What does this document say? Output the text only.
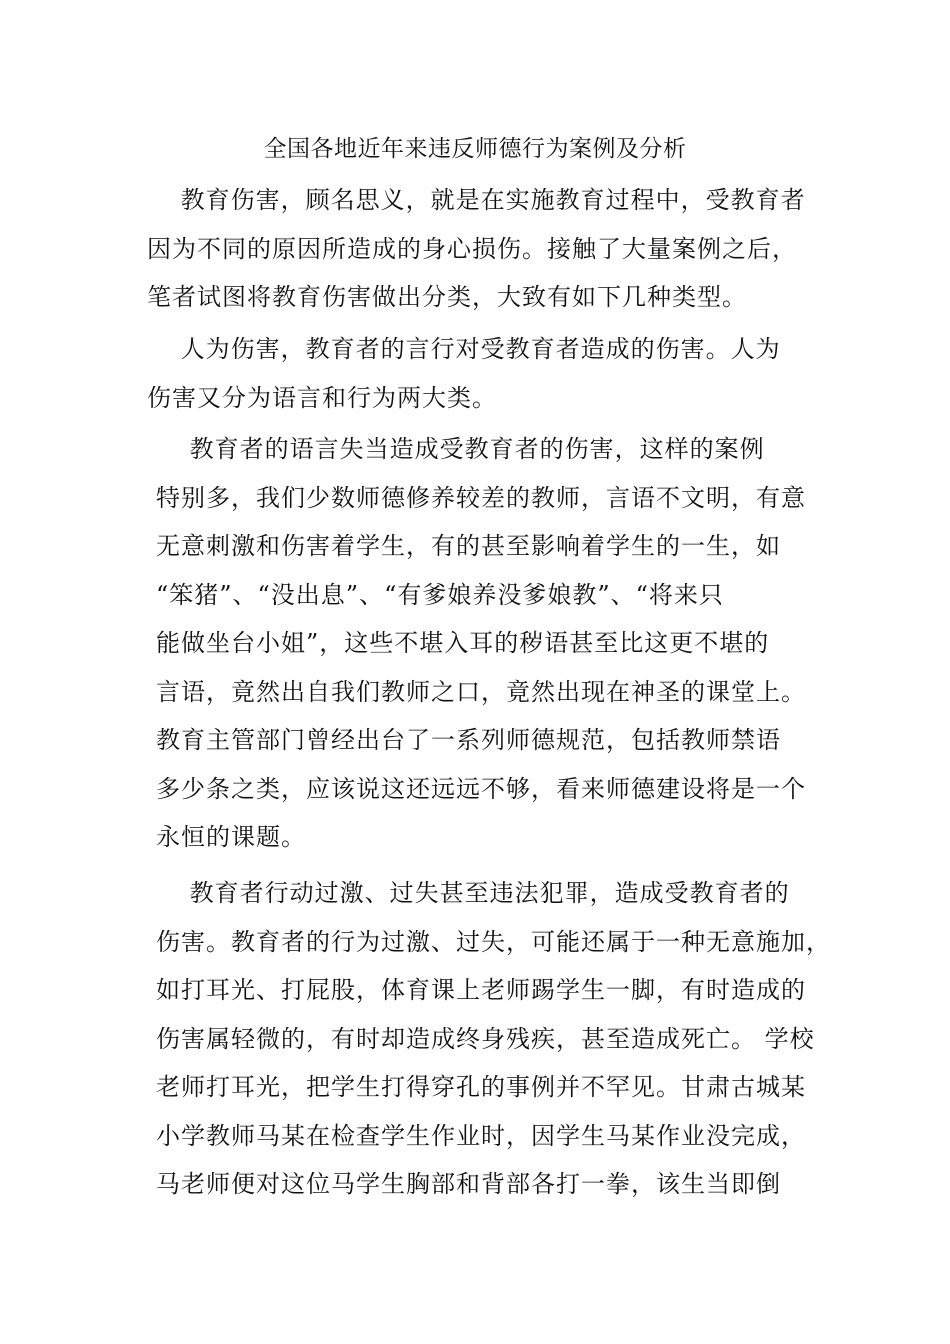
全国各地近年来违反师德行为案例及分析
　 教育伤害，顾名思义，就是在实施教育过程中，受教育者
因为不同的原因所造成的身心损伤。接触了大量案例之后，
笔者试图将教育伤害做出分类，大致有如下几种类型。
　 人为伤害，教育者的言行对受教育者造成的伤害。人为
伤害又分为语言和行为两大类。
　 教育者的语言失当造成受教育者的伤害，这样的案例
特别多，我们少数师德修养较差的教师，言语不文明，有意
无意刺激和伤害着学生，有的甚至影响着学生的一生，如
“笨猪”、“没出息”、“有爹娘养没爹娘教”、“将来只
能做坐台小姐”，这些不堪入耳的秽语甚至比这更不堪的
言语，竟然出自我们教师之口，竟然出现在神圣的课堂上。
教育主管部门曾经出台了一系列师德规范，包括教师禁语
多少条之类，应该说这还远远不够，看来师德建设将是一个
永恒的课题。
　 教育者行动过激、过失甚至违法犯罪，造成受教育者的
伤害。教育者的行为过激、过失，可能还属于一种无意施加，
如打耳光、打屁股，体育课上老师踢学生一脚，有时造成的
伤害属轻微的，有时却造成终身残疾，甚至造成死亡。 学校
老师打耳光，把学生打得穿孔的事例并不罕见。甘肃古城某
小学教师马某在检查学生作业时，因学生马某作业没完成，
马老师便对这位马学生胸部和背部各打一拳，该生当即倒
